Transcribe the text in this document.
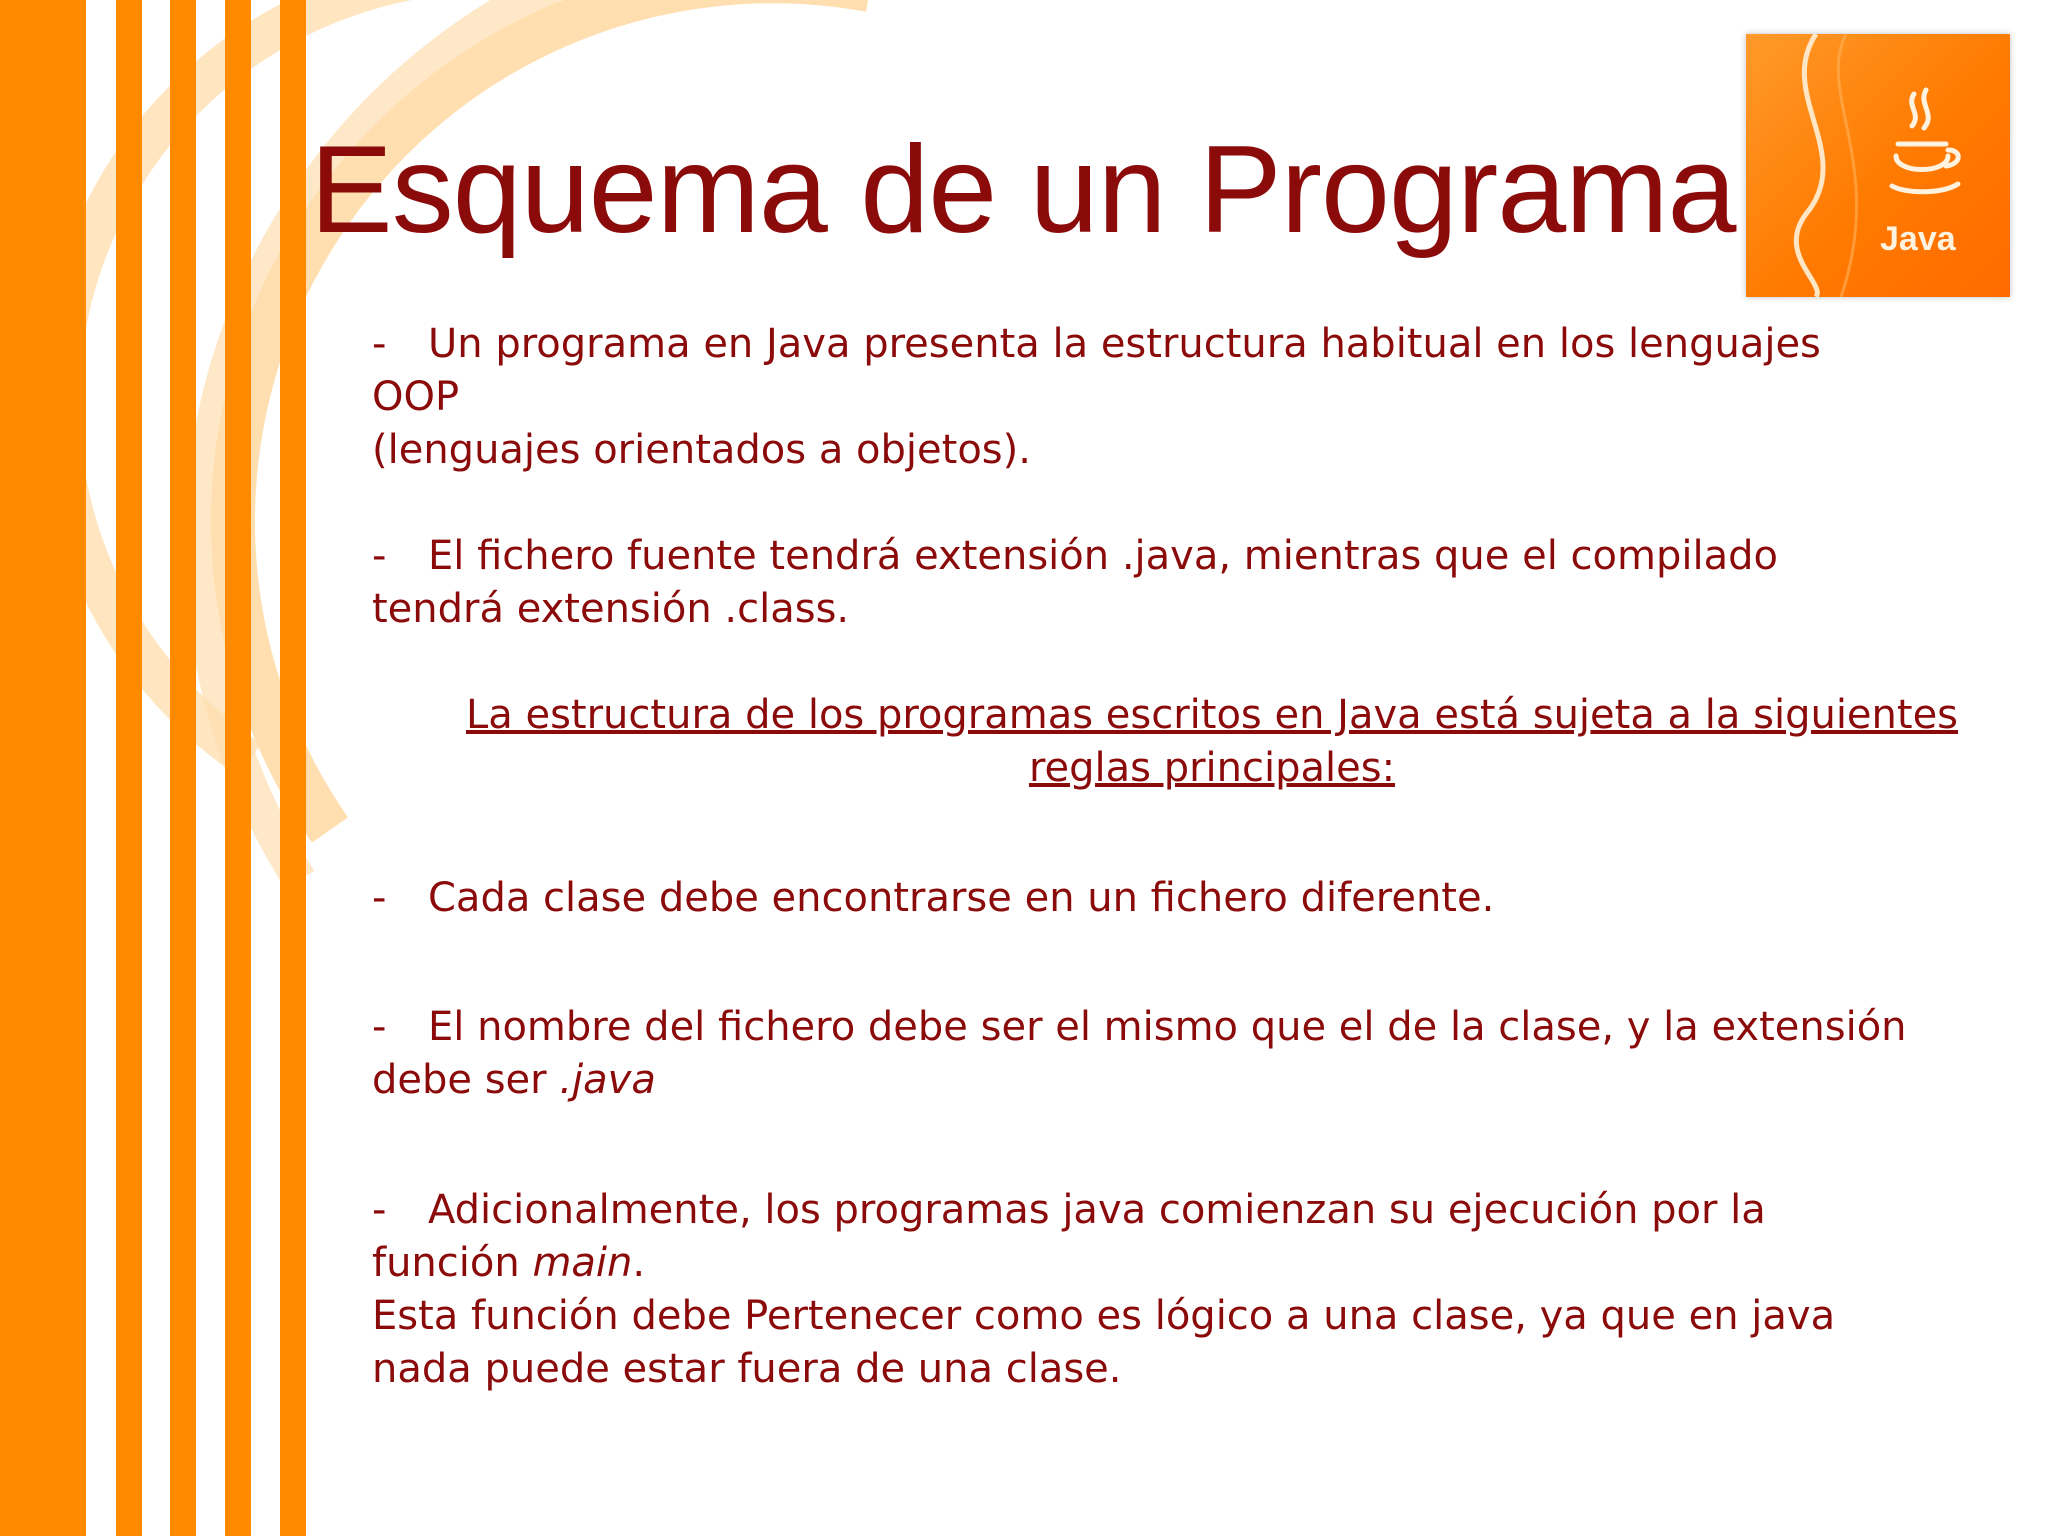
Esquema de un Programa	Java
- Un programa en Java presenta la estructura habitual en los lenguajes
OOP
(lenguajes orientados a objetos).
- El fichero fuente tendrá extensión .java, mientras que el compilado
tendrá extensión .class.
La estructura de los programas escritos en Java está sujeta a la siguientes
reglas principales:
- Cada clase debe encontrarse en un fichero diferente.
- El nombre del fichero debe ser el mismo que el de la clase, y la extensión
debe ser .java
- Adicionalmente, los programas java comienzan su ejecución por la
función main.
Esta función debe Pertenecer como es lógico a una clase, ya que en java
nada puede estar fuera de una clase.
